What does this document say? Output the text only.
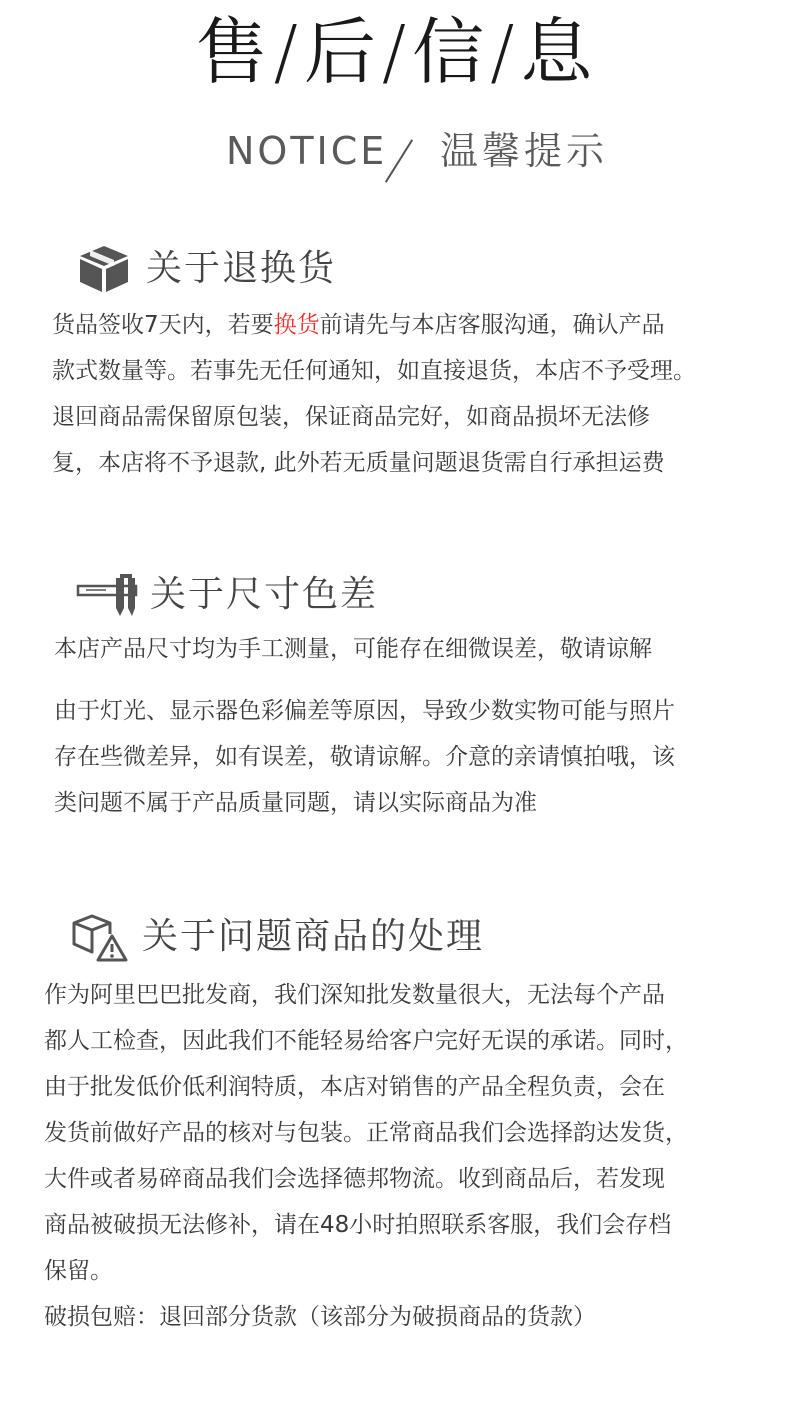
售/后/信/息
NOTICE 温馨提示
关于退换货

货品签收7天内，若要换货前请先与本店客服沟通，确认产品

款式数量等。若事先无任何通知，如直接退货，本店不予受理。

退回商品需保留原包装，保证商品完好，如商品损坏无法修

复，本店将不予退款, 此外若无质量问题退货需自行承担运费

关于尺寸色差

本店产品尺寸均为手工测量，可能存在细微误差，敬请谅解

由于灯光、显示器色彩偏差等原因，导致少数实物可能与照片

存在些微差异，如有误差，敬请谅解。介意的亲请慎拍哦，该

类问题不属于产品质量同题，请以实际商品为准

关于问题商品的处理

作为阿里巴巴批发商，我们深知批发数量很大，无法每个产品

都人工检查，因此我们不能轻易给客户完好无误的承诺。同时，

由于批发低价低利润特质，本店对销售的产品全程负责，会在

发货前做好产品的核对与包装。正常商品我们会选择韵达发货，

大件或者易碎商品我们会选择德邦物流。收到商品后，若发现

商品被破损无法修补，请在48小时拍照联系客服，我们会存档

保留。

破损包赔：退回部分货款（该部分为破损商品的货款）
